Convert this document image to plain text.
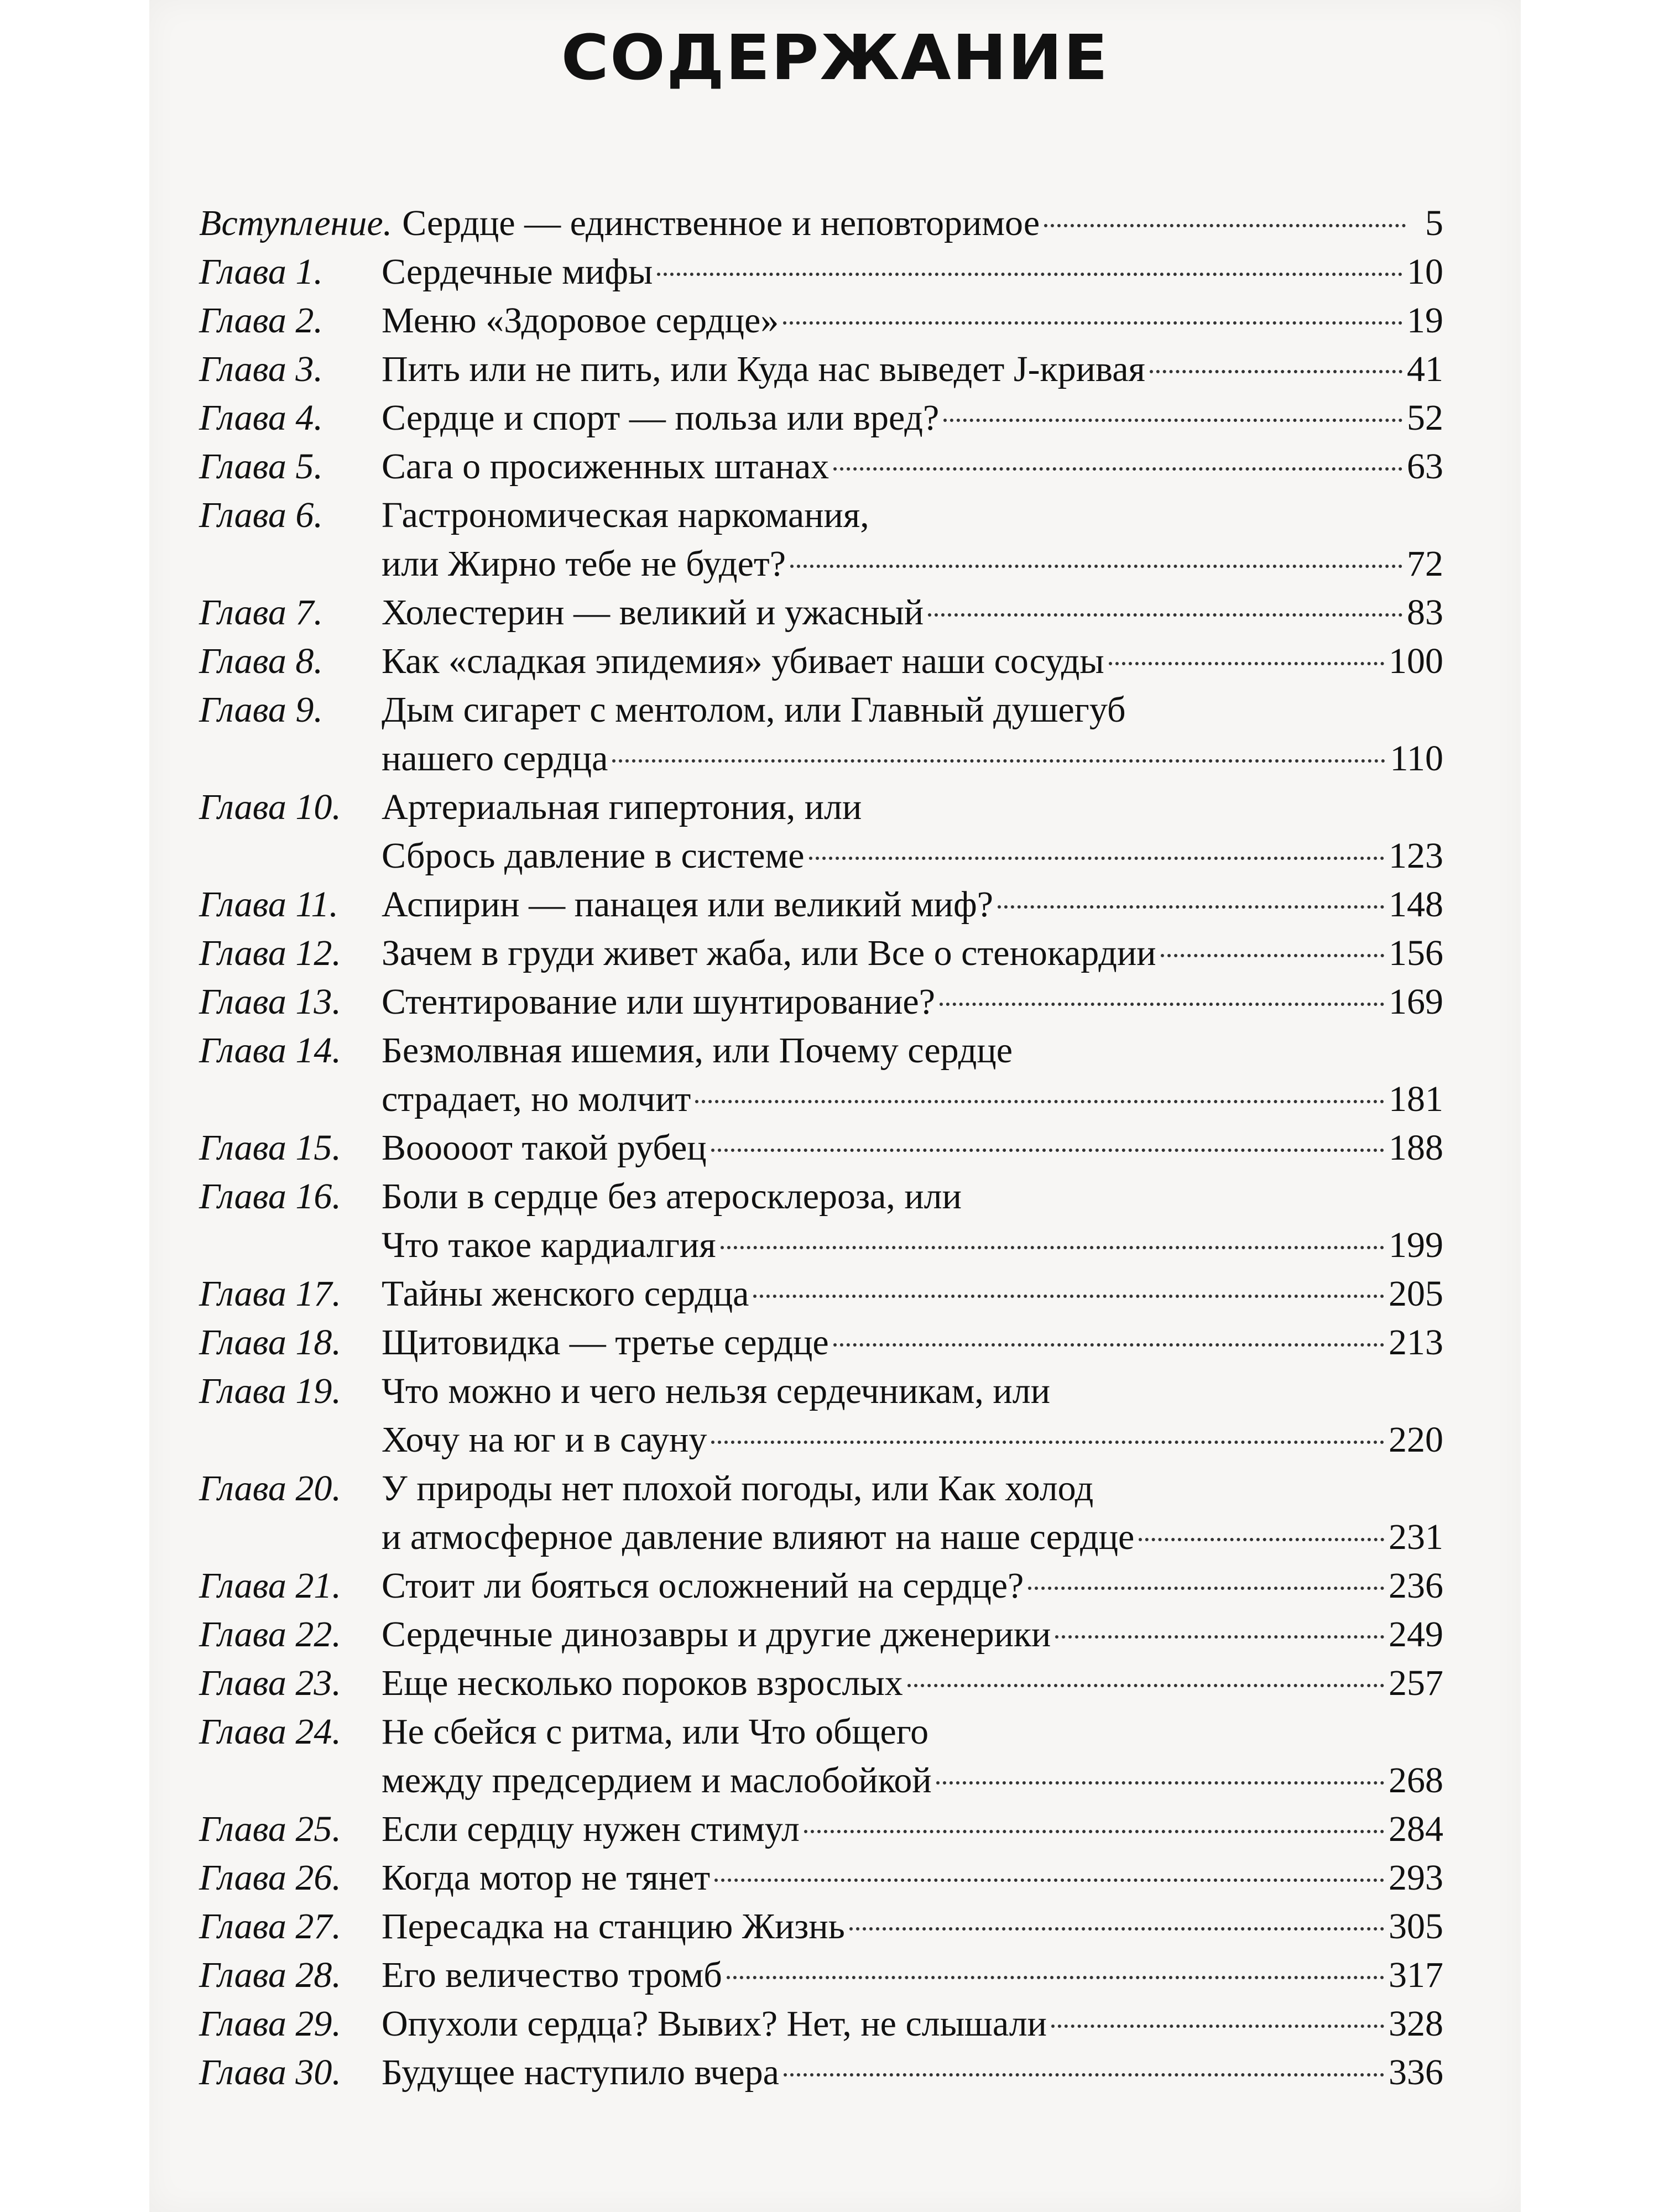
СОДЕРЖАНИЕ
Вступление. Сердце — единственное и неповторимое	5
Глава 1.	Сердечные мифы	10
Глава 2.	Меню «Здоровое сердце»	19
Глава 3.	Пить или не пить, или Куда нас выведет J-кривая	41
Глава 4.	Сердце и спорт — польза или вред?	52
Глава 5.	Сага о просиженных штанах	63
Глава 6.	Гастрономическая наркомания,
или Жирно тебе не будет?	72
Глава 7.	Холестерин — великий и ужасный	83
Глава 8.	Как «сладкая эпидемия» убивает наши сосуды	100
Глава 9.	Дым сигарет с ментолом, или Главный душегуб
нашего сердца	110
Глава 10.	Артериальная гипертония, или
Сбрось давление в системе	123
Глава 11.	Аспирин — панацея или великий миф?	148
Глава 12.	Зачем в груди живет жаба, или Все о стенокардии	156
Глава 13.	Стентирование или шунтирование?	169
Глава 14.	Безмолвная ишемия, или Почему сердце
страдает, но молчит	181
Глава 15.	Воооoот такой рубец	188
Глава 16.	Боли в сердце без атеросклероза, или
Что такое кардиалгия	199
Глава 17.	Тайны женского сердца	205
Глава 18.	Щитовидка — третье сердце	213
Глава 19.	Что можно и чего нельзя сердечникам, или
Хочу на юг и в сауну	220
Глава 20.	У природы нет плохой погоды, или Как холод
и атмосферное давление влияют на наше сердце	231
Глава 21.	Стоит ли бояться осложнений на сердце?	236
Глава 22.	Сердечные динозавры и другие дженерики	249
Глава 23.	Еще несколько пороков взрослых	257
Глава 24.	Не сбейся с ритма, или Что общего
между предсердием и маслобойкой	268
Глава 25.	Если сердцу нужен стимул	284
Глава 26.	Когда мотор не тянет	293
Глава 27.	Пересадка на станцию Жизнь	305
Глава 28.	Его величество тромб	317
Глава 29.	Опухоли сердца? Вывих? Нет, не слышали	328
Глава 30.	Будущее наступило вчера	336
